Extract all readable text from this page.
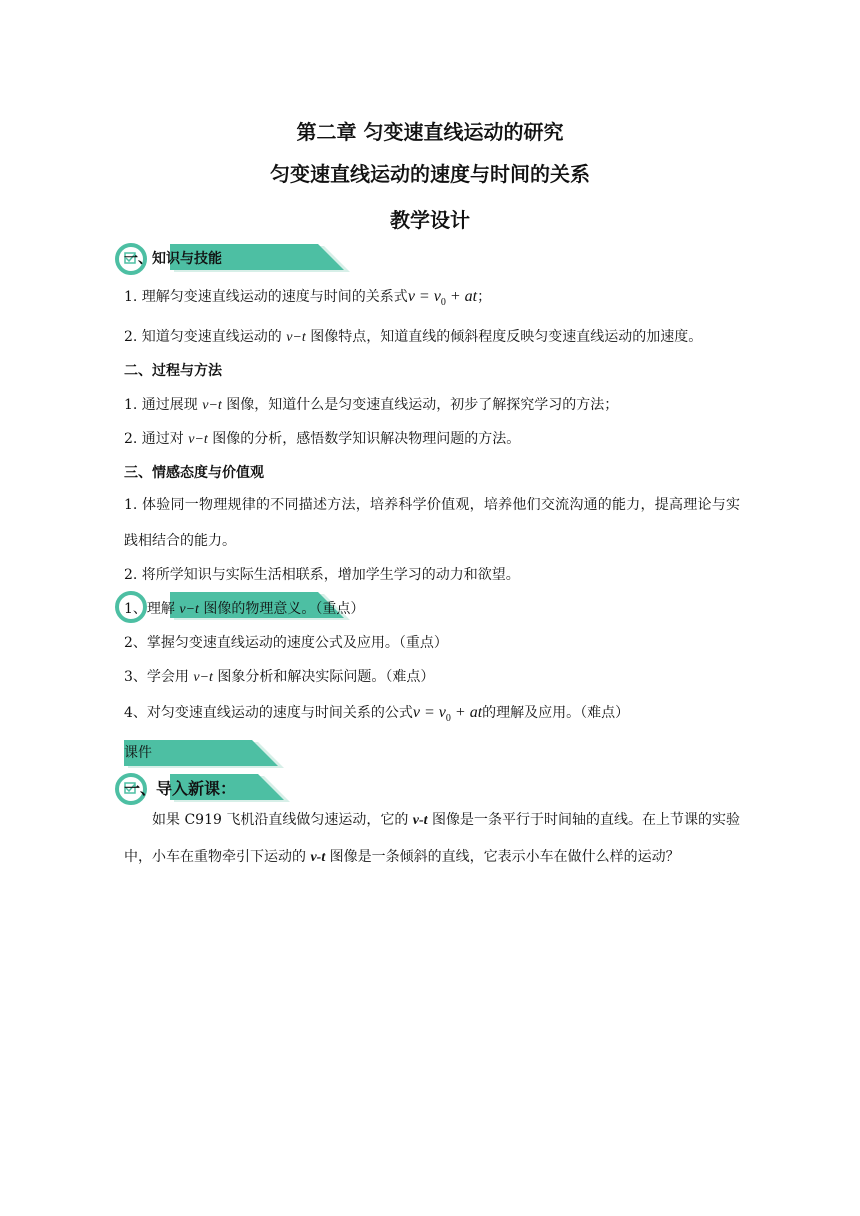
第二章 匀变速直线运动的研究
匀变速直线运动的速度与时间的关系
教学设计
一、知识与技能
1. 理解匀变速直线运动的速度与时间的关系式$v = v_0$ + at；
2. 知道匀变速直线运动的 v−t 图像特点，知道直线的倾斜程度反映匀变速直线运动的加速度。
二、过程与方法
1. 通过展现 v−t 图像，知道什么是匀变速直线运动，初步了解探究学习的方法；
2. 通过对 v−t 图像的分析，感悟数学知识解决物理问题的方法。
三、情感态度与价值观
1. 体验同一物理规律的不同描述方法，培养科学价值观，培养他们交流沟通的能力，提高理论与实践相结合的能力。
2. 将所学知识与实际生活相联系，增加学生学习的动力和欲望。
1、理解 v−t 图像的物理意义。（重点）
2、掌握匀变速直线运动的速度公式及应用。（重点）
3、学会用 v−t 图象分析和解决实际问题。（难点）
4、对匀变速直线运动的速度与时间关系的公式$v = v_0$ + at的理解及应用。（难点）
课件
一、导入新课：
如果 C919 飞机沿直线做匀速运动，它的 v-t 图像是一条平行于时间轴的直线。在上节课的实验中，小车在重物牵引下运动的 v-t 图像是一条倾斜的直线，它表示小车在做什么样的运动？
